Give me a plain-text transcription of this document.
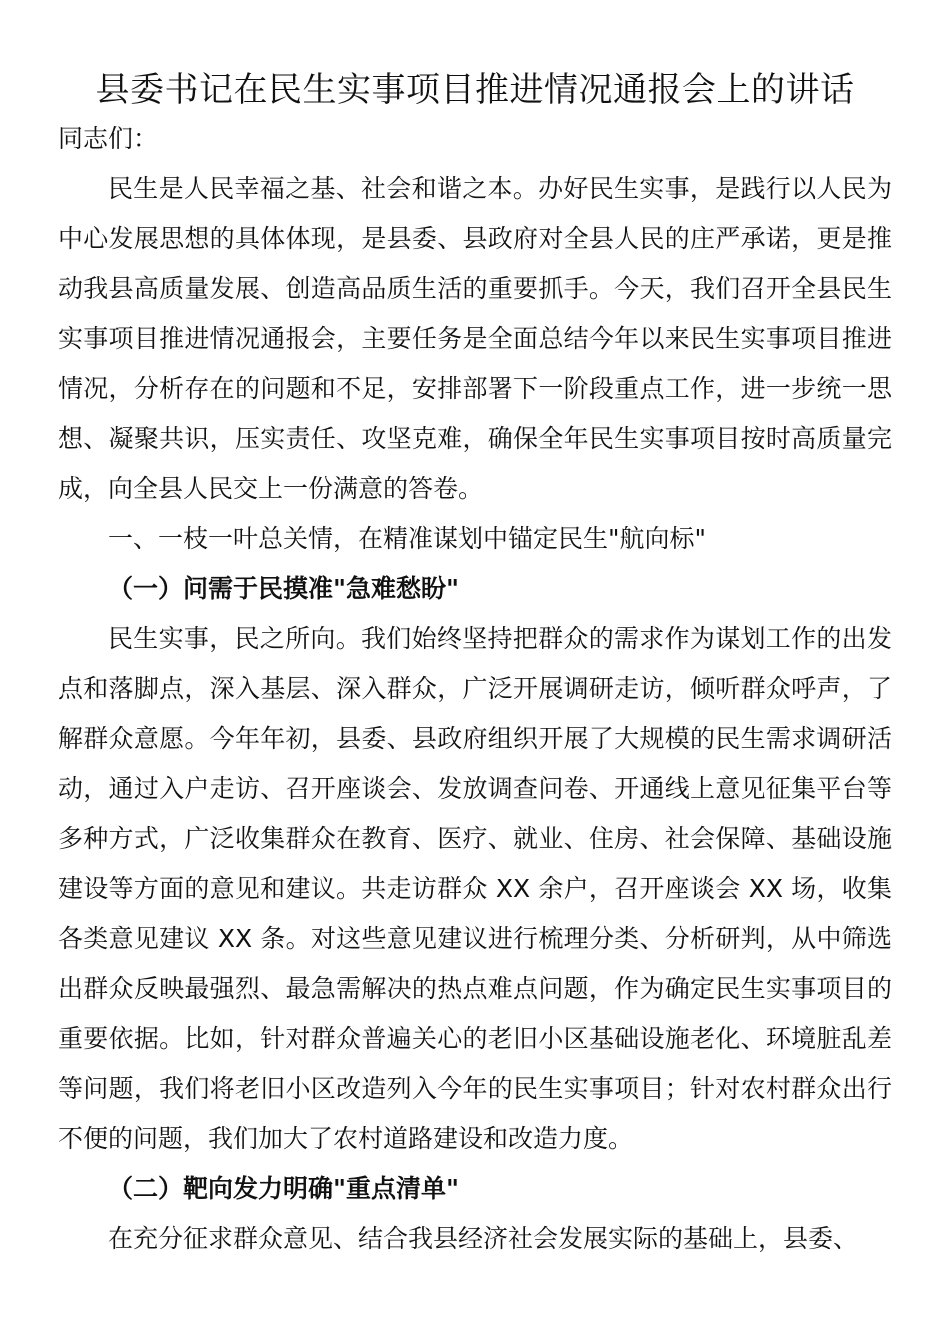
县委书记在民生实事项目推进情况通报会上的讲话

同志们：

民生是人民幸福之基、社会和谐之本。办好民生实事，是践行以人民为中心发展思想的具体体现，是县委、县政府对全县人民的庄严承诺，更是推动我县高质量发展、创造高品质生活的重要抓手。今天，我们召开全县民生实事项目推进情况通报会，主要任务是全面总结今年以来民生实事项目推进情况，分析存在的问题和不足，安排部署下一阶段重点工作，进一步统一思想、凝聚共识，压实责任、攻坚克难，确保全年民生实事项目按时高质量完成，向全县人民交上一份满意的答卷。

一、一枝一叶总关情，在精准谋划中锚定民生"航向标"

（一）问需于民摸准"急难愁盼"

民生实事，民之所向。我们始终坚持把群众的需求作为谋划工作的出发点和落脚点，深入基层、深入群众，广泛开展调研走访，倾听群众呼声，了解群众意愿。今年年初，县委、县政府组织开展了大规模的民生需求调研活动，通过入户走访、召开座谈会、发放调查问卷、开通线上意见征集平台等多种方式，广泛收集群众在教育、医疗、就业、住房、社会保障、基础设施建设等方面的意见和建议。共走访群众 XX 余户，召开座谈会 XX 场，收集各类意见建议 XX 条。对这些意见建议进行梳理分类、分析研判，从中筛选出群众反映最强烈、最急需解决的热点难点问题，作为确定民生实事项目的重要依据。比如，针对群众普遍关心的老旧小区基础设施老化、环境脏乱差等问题，我们将老旧小区改造列入今年的民生实事项目；针对农村群众出行不便的问题，我们加大了农村道路建设和改造力度。

（二）靶向发力明确"重点清单"

在充分征求群众意见、结合我县经济社会发展实际的基础上，县委、
